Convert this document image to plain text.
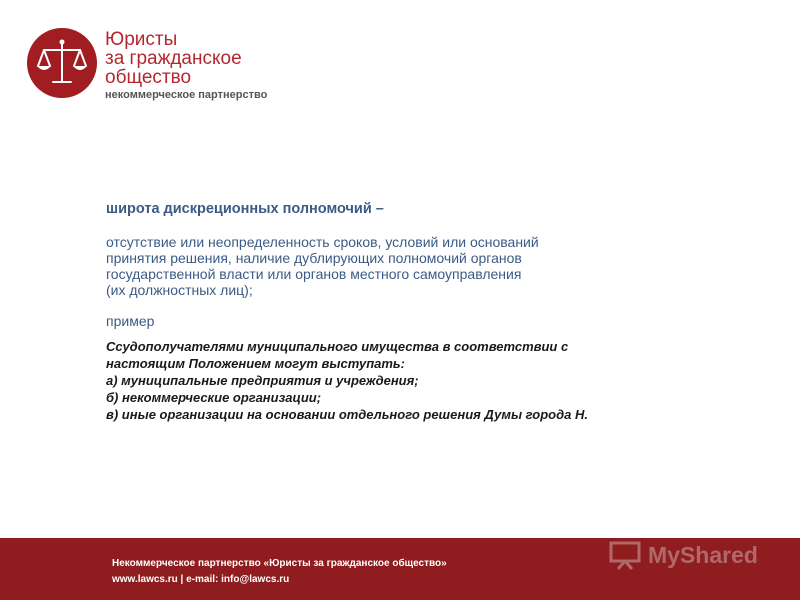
Юристы
за гражданское
общество
некоммерческое партнерство
широта дискреционных полномочий –
отсутствие или неопределенность сроков, условий или оснований
принятия решения, наличие дублирующих полномочий органов
государственной власти или органов местного самоуправления
(их должностных лиц);
пример
Ссудополучателями муниципального имущества в соответствии с
настоящим Положением могут выступать:
а) муниципальные предприятия и учреждения;
б) некоммерческие организации;
в) иные организации на основании отдельного решения Думы города Н.
Некоммерческое партнерство «Юристы за гражданское общество»
www.lawcs.ru | e-mail: info@lawcs.ru
MyShared
